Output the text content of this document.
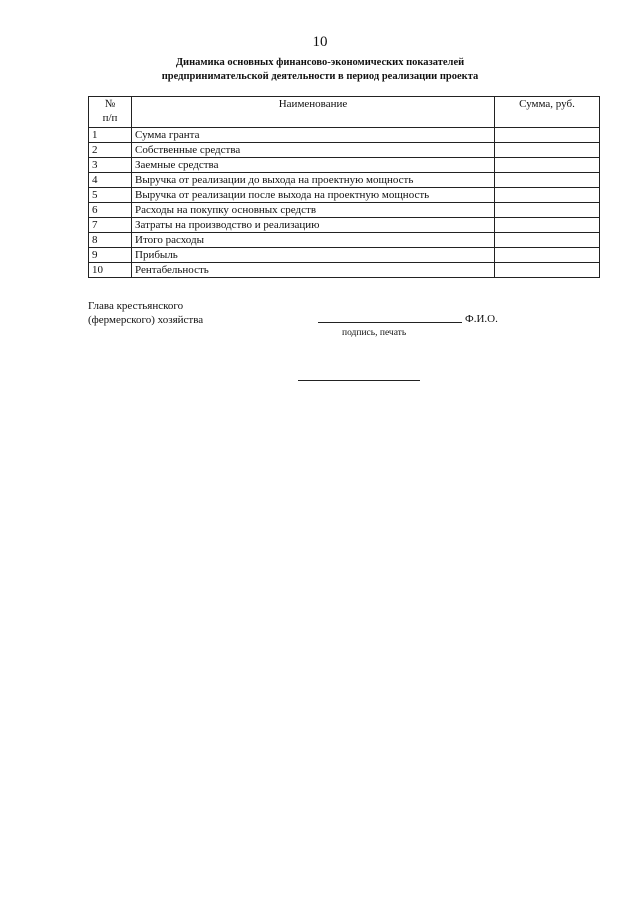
10
Динамика основных финансово-экономических показателей
предпринимательской деятельности в период реализации проекта
№
п/п	Наименование	Сумма, руб.
1	Сумма гранта	
2	Собственные средства	
3	Заемные средства	
4	Выручка от реализации до выхода на проектную мощность	
5	Выручка от реализации после выхода на проектную мощность	
6	Расходы на покупку основных средств	
7	Затраты на производство и реализацию	
8	Итого расходы	
9	Прибыль	
10	Рентабельность	
Глава крестьянского
(фермерского) хозяйства	Ф.И.О.
подпись, печать
